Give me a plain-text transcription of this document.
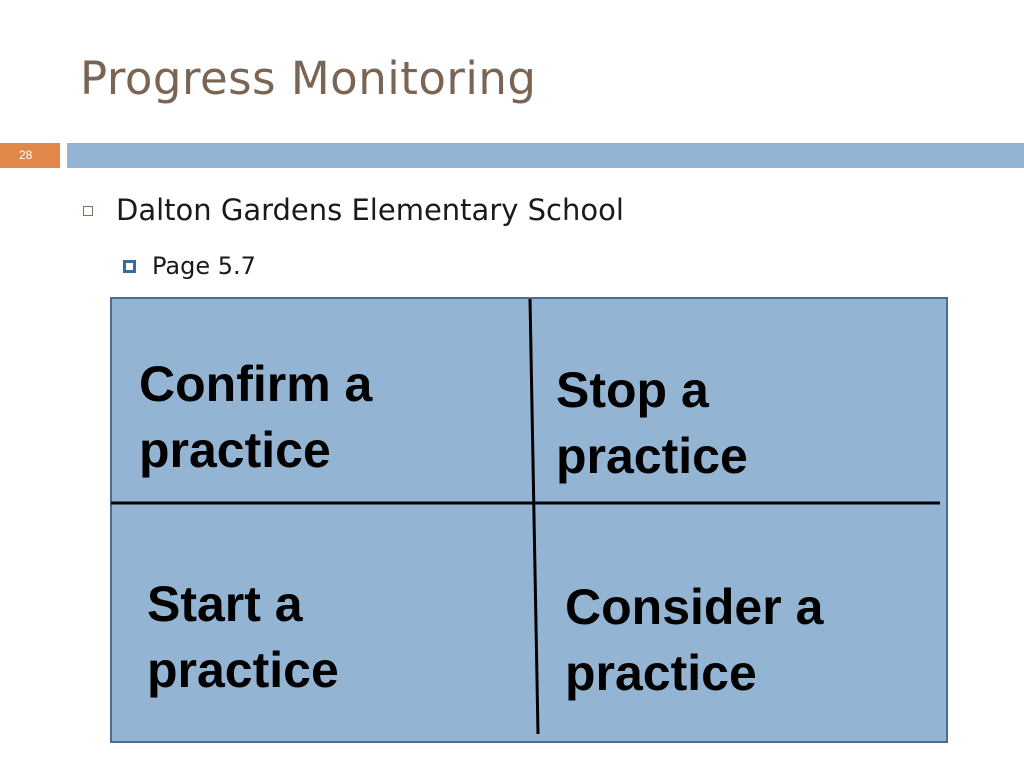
Progress Monitoring
28
Dalton Gardens Elementary School
Page 5.7
Confirm a
practice
Stop a
practice
Start a
practice
Consider a
practice
